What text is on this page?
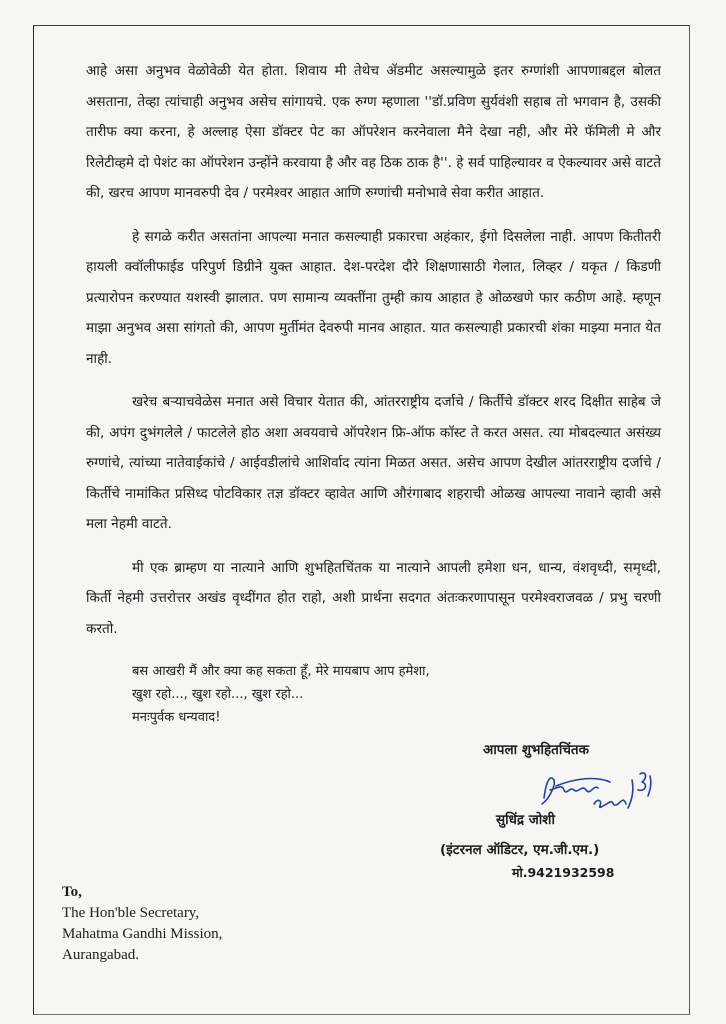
आहे असा अनुभव वेळोवेळी येत होता. शिवाय मी तेथेच ॲडमीट असल्यामुळे इतर रुग्णांशी आपणाबद्दल बोलत असताना, तेव्हा त्यांचाही अनुभव असेच सांगायचे. एक रुग्ण म्हणाला ''डॉ.प्रविण सुर्यवंशी सहाब तो भगवान है, उसकी तारीफ क्या करना, हे अल्लाह ऐसा डॉक्टर पेट का ऑपरेशन करनेवाला मैने देखा नही, और मेरे फॅमिली मे और रिलेटीव्हमे दो पेशंट का ऑपरेशन उन्होंने करवाया है और वह ठिक ठाक है''. हे सर्व पाहिल्यावर व ऐकल्यावर असे वाटते की, खरच आपण मानवरुपी देव / परमेश्वर आहात आणि रुग्णांची मनोभावे सेवा करीत आहात.

हे सगळे करीत असतांना आपल्या मनात कसल्याही प्रकारचा अहंकार, ईगो दिसलेला नाही. आपण कितीतरी हायली क्वॉलीफाईड परिपुर्ण डिग्रीने युक्त आहात. देश-परदेश दौरे शिक्षणासाठी गेलात, लिव्हर / यकृत / किडणी प्रत्यारोपन करण्यात यशस्वी झालात. पण सामान्य व्यक्तींना तुम्ही काय आहात हे ओळखणे फार कठीण आहे. म्हणून माझा अनुभव असा सांगतो की, आपण मुर्तीमंत देवरुपी मानव आहात. यात कसल्याही प्रकारची शंका माझ्या मनात येत नाही.

खरेच बऱ्याचवेळेस मनात असे विचार येतात की, आंतरराष्ट्रीय दर्जाचे / किर्तीचे डॉक्टर शरद दिक्षीत साहेब जे की, अपंग दुभंगलेले / फाटलेले होठ अशा अवयवाचे ऑपरेशन फ्रि-ऑफ कॉस्ट ते करत असत. त्या मोबदल्यात असंख्य रुग्णांचे, त्यांच्या नातेवाईकांचे / आईवडीलांचे आशिर्वाद त्यांना मिळत असत. असेच आपण देखील आंतरराष्ट्रीय दर्जाचे /किर्तीचे नामांकित प्रसिध्द पोटविकार तज्ञ डॉक्टर व्हावेत आणि औरंगाबाद शहराची ओळख आपल्या नावाने व्हावी असे मला नेहमी वाटते.

मी एक ब्राम्हण या नात्याने आणि शुभहितचिंतक या नात्याने आपली हमेशा धन, धान्य, वंशवृध्दी, समृध्दी, किर्ती नेहमी उत्तरोत्तर अखंड वृध्दींगत होत राहो, अशी प्रार्थना सदगत अंतःकरणापासून परमेश्वराजवळ / प्रभु चरणी करतो.

बस आखरी मैं और क्या कह सकता हूँ, मेरे मायबाप आप हमेशा,
खुश रहो..., खुश रहो..., खुश रहो...
मनःपुर्वक धन्यवाद!
आपला शुभहितचिंतक
सुधिंद्र जोशी
(इंटरनल ऑडिटर, एम.जी.एम.)
मो.9421932598
To,
The Hon'ble Secretary,
Mahatma Gandhi Mission,
Aurangabad.
